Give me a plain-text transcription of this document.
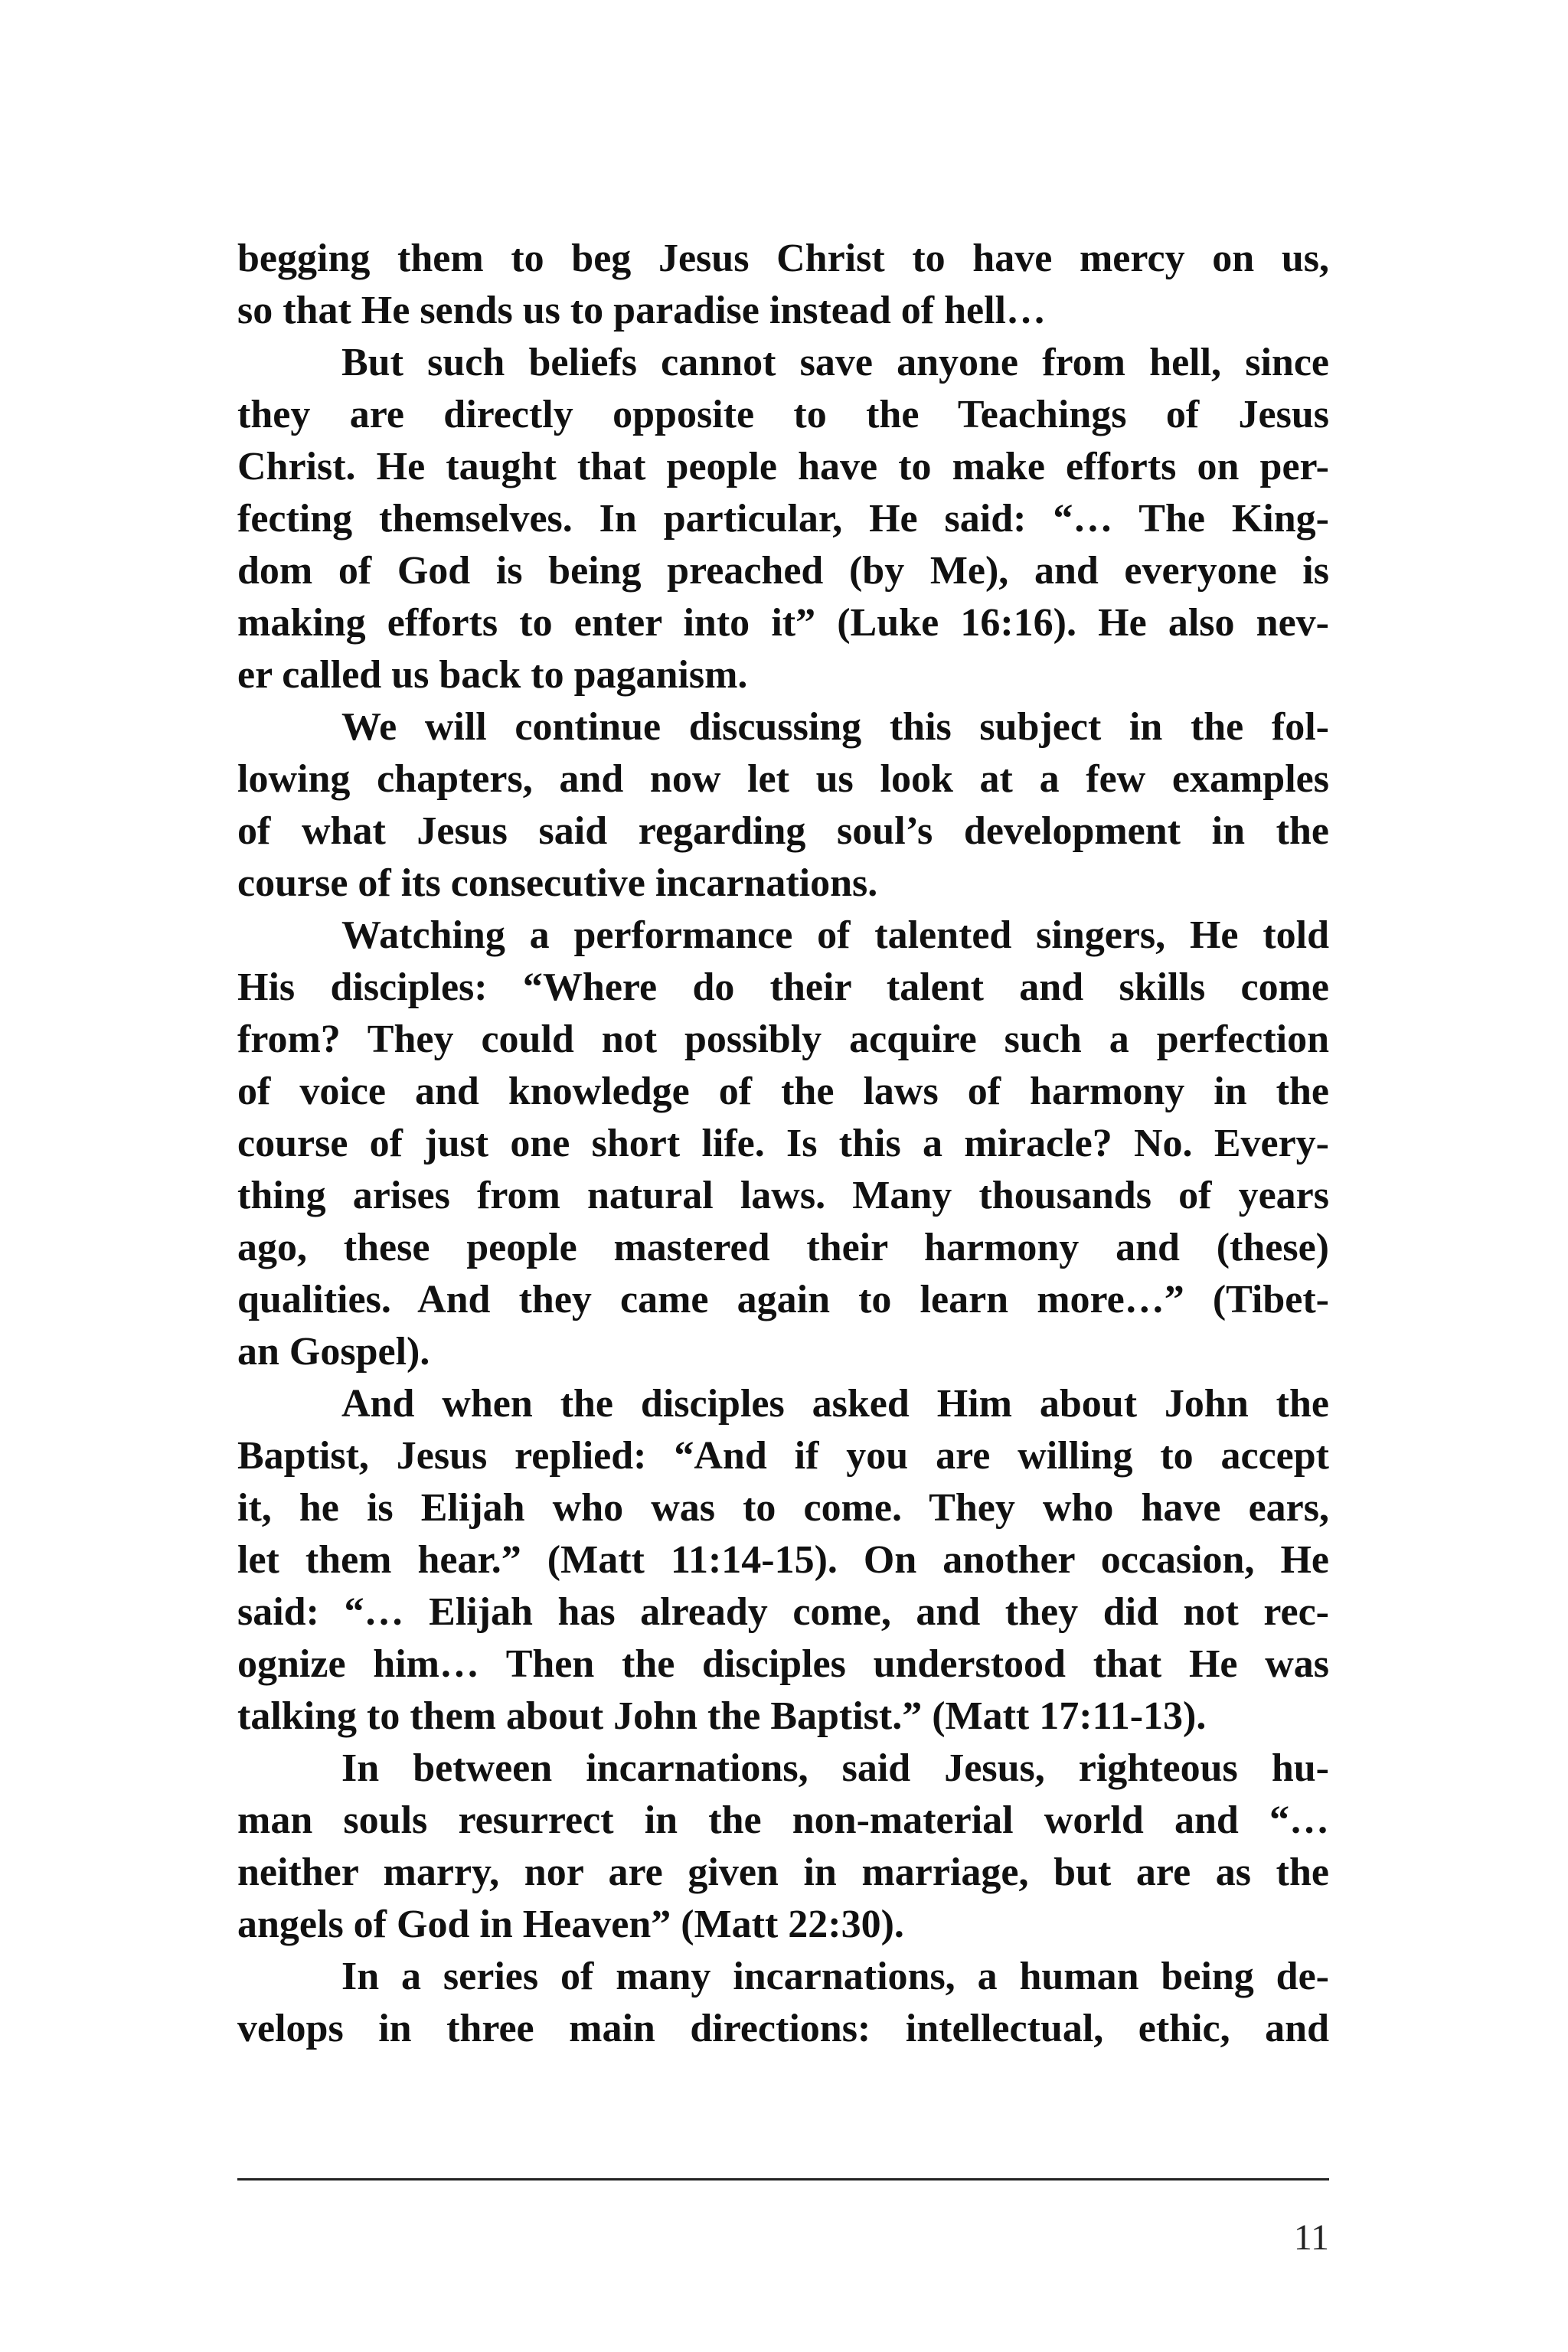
begging them to beg Jesus Christ to have mercy on us,
so that He sends us to paradise instead of hell…
But such beliefs cannot save anyone from hell, since
they are directly opposite to the Teachings of Jesus
Christ. He taught that people have to make efforts on per-
fecting themselves. In particular, He said: “… The King-
dom of God is being preached (by Me), and everyone is
making efforts to enter into it” (Luke 16:16). He also nev-
er called us back to paganism.
We will continue discussing this subject in the fol-
lowing chapters, and now let us look at a few examples
of what Jesus said regarding soul’s development in the
course of its consecutive incarnations.
Watching a performance of talented singers, He told
His disciples: “Where do their talent and skills come
from? They could not possibly acquire such a perfection
of voice and knowledge of the laws of harmony in the
course of just one short life. Is this a miracle? No. Every-
thing arises from natural laws. Many thousands of years
ago, these people mastered their harmony and (these)
qualities. And they came again to learn more…” (Tibet-
an Gospel).
And when the disciples asked Him about John the
Baptist, Jesus replied: “And if you are willing to accept
it, he is Elijah who was to come. They who have ears,
let them hear.” (Matt 11:14-15). On another occasion, He
said: “… Elijah has already come, and they did not rec-
ognize him… Then the disciples understood that He was
talking to them about John the Baptist.” (Matt 17:11-13).
In between incarnations, said Jesus, righteous hu-
man souls resurrect in the non-material world and “…
neither marry, nor are given in marriage, but are as the
angels of God in Heaven” (Matt 22:30).
In a series of many incarnations, a human being de-
velops in three main directions: intellectual, ethic, and
11
